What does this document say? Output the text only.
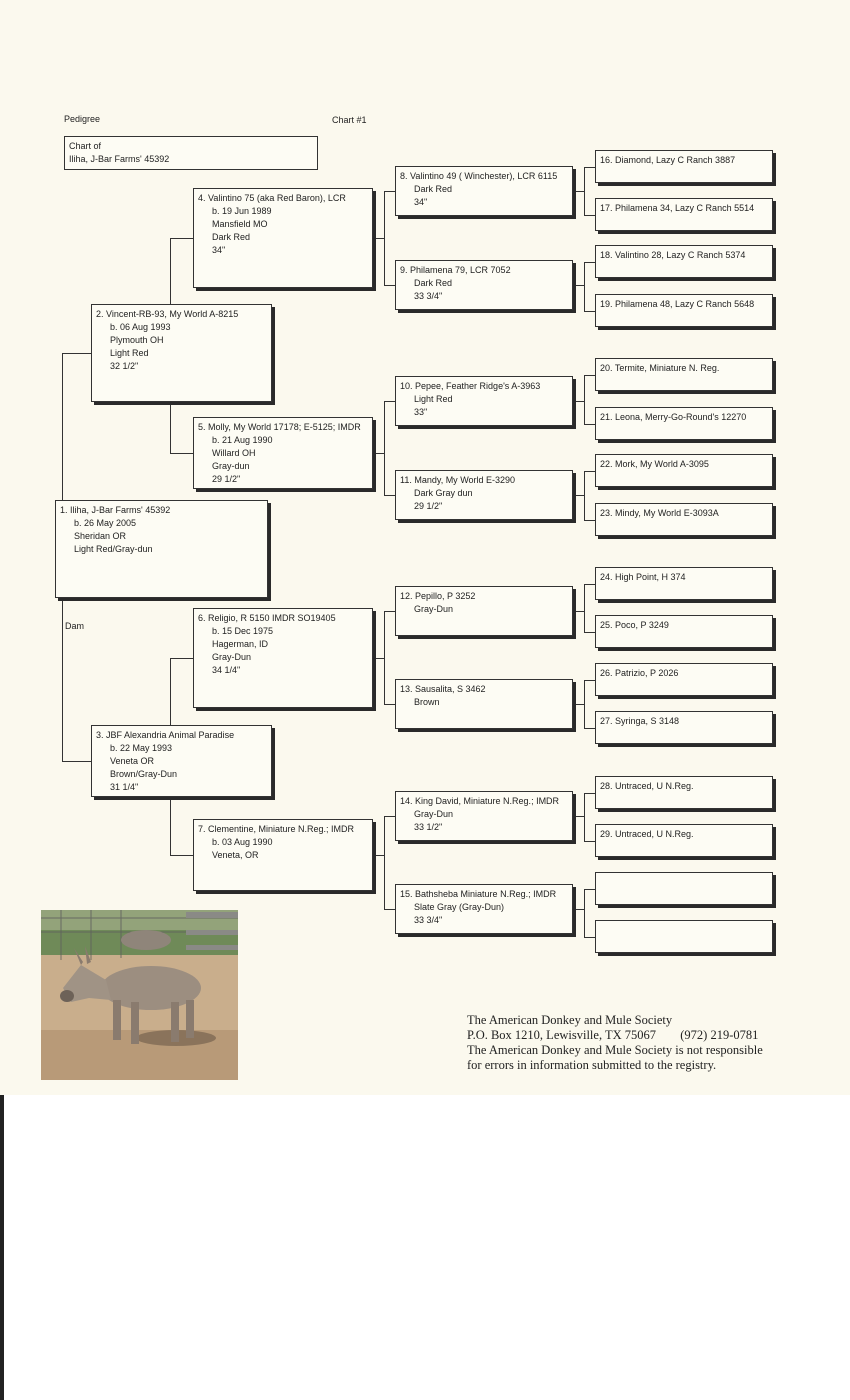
Pedigree	Chart #1
Chart of
Iliha, J-Bar Farms' 45392
Dam
1. Iliha, J-Bar Farms' 45392
b. 26 May 2005
Sheridan OR
Light Red/Gray-dun
2. Vincent-RB-93, My World A-8215
b. 06 Aug 1993
Plymouth OH
Light Red
32 1/2"
3. JBF Alexandria Animal Paradise
b. 22 May 1993
Veneta OR
Brown/Gray-Dun
31 1/4"
4. Valintino 75 (aka Red Baron), LCR
b. 19 Jun 1989
Mansfield MO
Dark Red
34"
5. Molly, My World 17178; E-5125; IMDR
b. 21 Aug 1990
Willard OH
Gray-dun
29 1/2"
6. Religio, R 5150 IMDR SO19405
b. 15 Dec 1975
Hagerman, ID
Gray-Dun
34 1/4"
7. Clementine, Miniature N.Reg.; IMDR
b. 03 Aug 1990
Veneta, OR
8. Valintino 49 ( Winchester), LCR 6115
Dark Red
34"
9. Philamena 79, LCR 7052
Dark Red
33 3/4"
10. Pepee, Feather Ridge's A-3963
Light Red
33"
11. Mandy, My World E-3290
Dark Gray dun
29 1/2"
12. Pepillo, P 3252
Gray-Dun
13. Sausalita, S 3462
Brown
14. King David, Miniature N.Reg.; IMDR
Gray-Dun
33 1/2"
15. Bathsheba Miniature N.Reg.; IMDR
Slate Gray (Gray-Dun)
33 3/4"
16. Diamond, Lazy C Ranch 3887
17. Philamena 34, Lazy C Ranch 5514
18. Valintino 28, Lazy C Ranch 5374
19. Philamena 48, Lazy C Ranch 5648
20. Termite, Miniature N. Reg.
21. Leona, Merry-Go-Round's 12270
22. Mork, My World A-3095
23. Mindy, My World E-3093A
24. High Point, H 374
25. Poco, P 3249
26. Patrizio, P 2026
27. Syringa, S 3148
28. Untraced, U N.Reg.
29. Untraced, U N.Reg.
The American Donkey and Mule Society
P.O. Box 1210, Lewisville, TX 75067 (972) 219-0781
The American Donkey and Mule Society is not responsible
for errors in information submitted to the registry.
